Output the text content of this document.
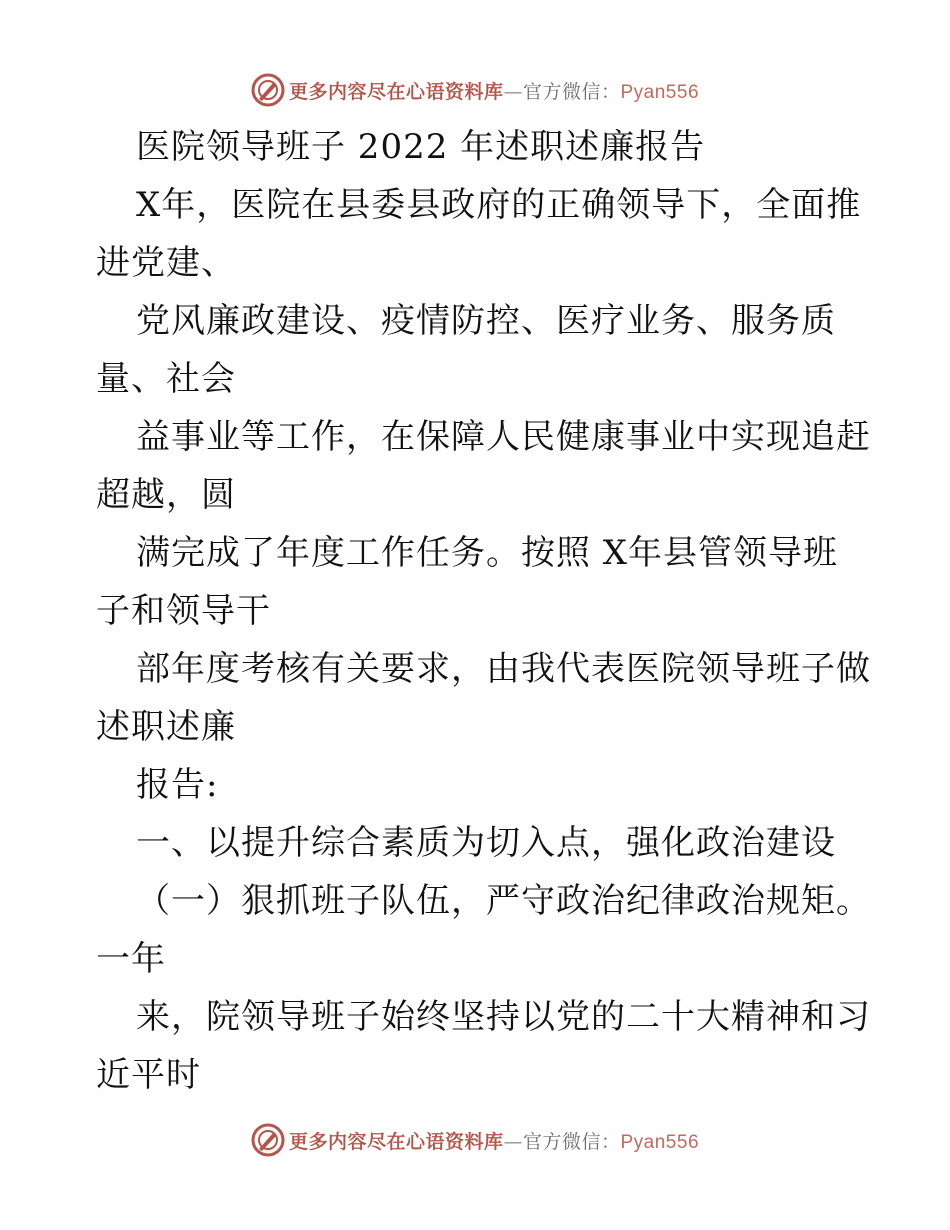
更多内容尽在心语资料库—官方微信：Pyan556
医院领导班子 2022 年述职述廉报告
X年，医院在县委县政府的正确领导下，全面推
进党建、
党风廉政建设、疫情防控、医疗业务、服务质
量、社会
益事业等工作，在保障人民健康事业中实现追赶
超越，圆
满完成了年度工作任务。按照 X年县管领导班
子和领导干
部年度考核有关要求，由我代表医院领导班子做
述职述廉
报告:
一、以提升综合素质为切入点，强化政治建设
（一）狠抓班子队伍，严守政治纪律政治规矩。
一年
来，院领导班子始终坚持以党的二十大精神和习
近平时
更多内容尽在心语资料库—官方微信：Pyan556
